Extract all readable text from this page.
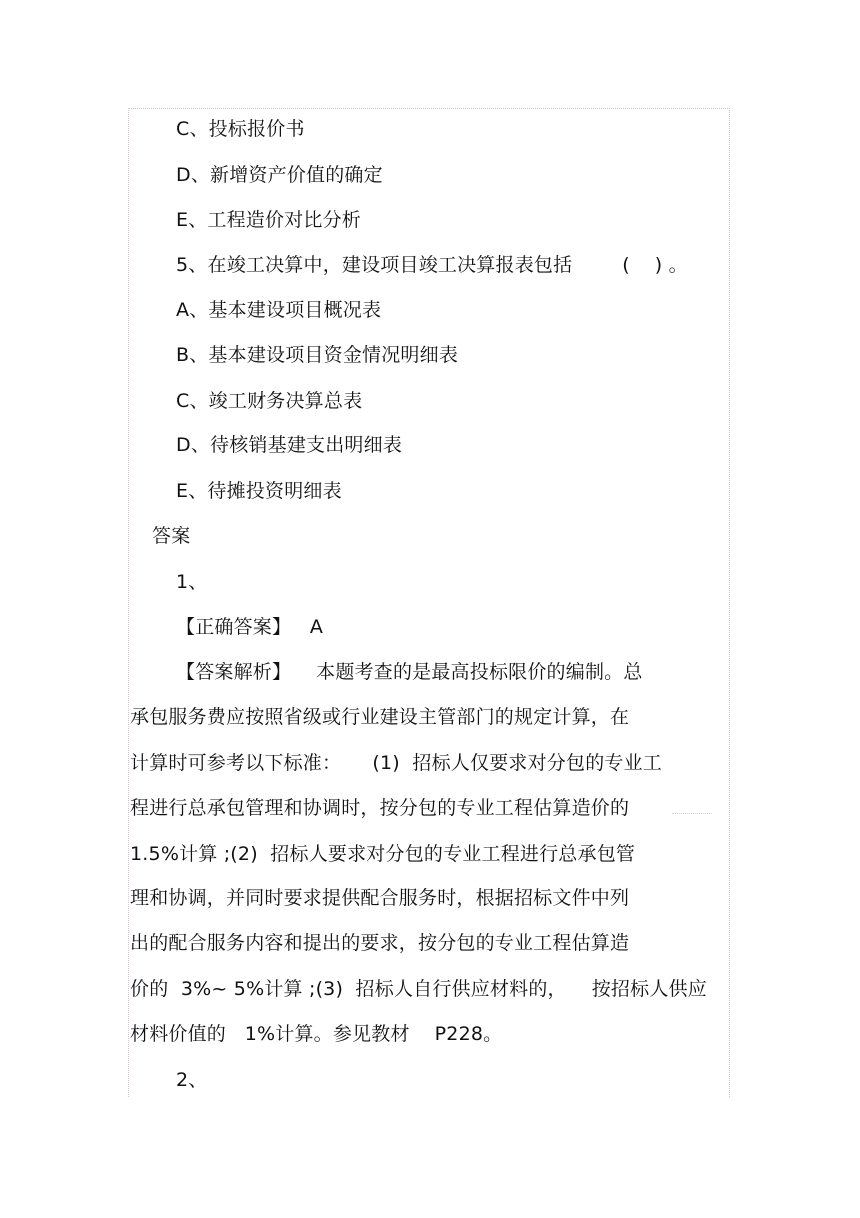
C、投标报价书
D、新增资产价值的确定
E、工程造价对比分析
5、在竣工决算中，建设项目竣工决算报表包括        (    ) 。
A、基本建设项目概况表
B、基本建设项目资金情况明细表
C、竣工财务决算总表
D、待核销基建支出明细表
E、待摊投资明细表
答案
1、
【正确答案】   A
【答案解析】    本题考查的是最高投标限价的编制。总
承包服务费应按照省级或行业建设主管部门的规定计算，在
计算时可参考以下标准：     (1)  招标人仅要求对分包的专业工
程进行总承包管理和协调时，按分包的专业工程估算造价的
1.5%计算 ;(2)  招标人要求对分包的专业工程进行总承包管
理和协调，并同时要求提供配合服务时，根据招标文件中列
出的配合服务内容和提出的要求，按分包的专业工程估算造
价的  3%~ 5%计算 ;(3)  招标人自行供应材料的，    按招标人供应
材料价值的   1%计算。参见教材    P228。
2、
